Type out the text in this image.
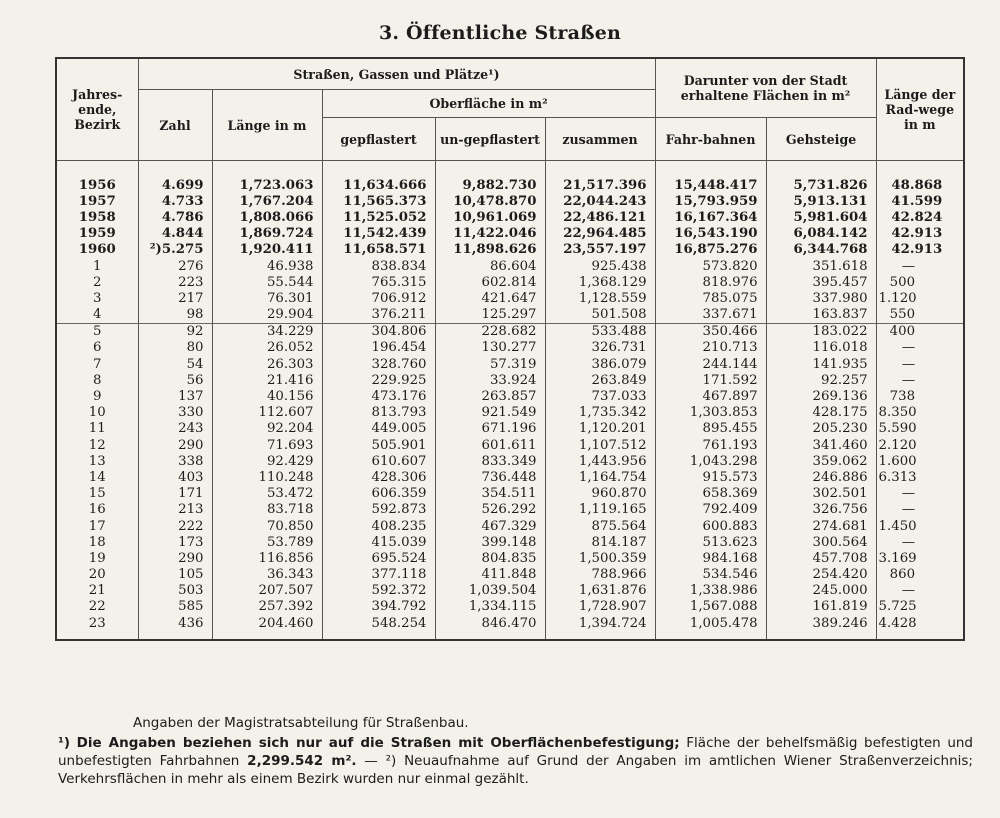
3. Öffentliche Straßen
Jahres-ende, Bezirk	Straßen, Gassen und Plätze¹)					Darunter von der Stadt erhaltene Flächen in m²		Länge der Rad-wege in m
	Zahl	Länge in m	Oberfläche in m²					
			gepflastert	un-gepflastert	zusammen	Fahr-bahnen	Gehsteige	

1956	4.699	1,723.063	11,634.666	9,882.730	21,517.396	15,448.417	5,731.826	48.868
1957	4.733	1,767.204	11,565.373	10,478.870	22,044.243	15,793.959	5,913.131	41.599
1958	4.786	1,808.066	11,525.052	10,961.069	22,486.121	16,167.364	5,981.604	42.824
1959	4.844	1,869.724	11,542.439	11,422.046	22,964.485	16,543.190	6,084.142	42.913
1960	²)5.275	1,920.411	11,658.571	11,898.626	23,557.197	16,875.276	6,344.768	42.913
1	276	46.938	838.834	86.604	925.438	573.820	351.618	—
2	223	55.544	765.315	602.814	1,368.129	818.976	395.457	500
3	217	76.301	706.912	421.647	1,128.559	785.075	337.980	1.120
4	98	29.904	376.211	125.297	501.508	337.671	163.837	550
5	92	34.229	304.806	228.682	533.488	350.466	183.022	400
6	80	26.052	196.454	130.277	326.731	210.713	116.018	—
7	54	26.303	328.760	57.319	386.079	244.144	141.935	—
8	56	21.416	229.925	33.924	263.849	171.592	92.257	—
9	137	40.156	473.176	263.857	737.033	467.897	269.136	738
10	330	112.607	813.793	921.549	1,735.342	1,303.853	428.175	8.350
11	243	92.204	449.005	671.196	1,120.201	895.455	205.230	5.590
12	290	71.693	505.901	601.611	1,107.512	761.193	341.460	2.120
13	338	92.429	610.607	833.349	1,443.956	1,043.298	359.062	1.600
14	403	110.248	428.306	736.448	1,164.754	915.573	246.886	6.313
15	171	53.472	606.359	354.511	960.870	658.369	302.501	—
16	213	83.718	592.873	526.292	1,119.165	792.409	326.756	—
17	222	70.850	408.235	467.329	875.564	600.883	274.681	1.450
18	173	53.789	415.039	399.148	814.187	513.623	300.564	—
19	290	116.856	695.524	804.835	1,500.359	984.168	457.708	3.169
20	105	36.343	377.118	411.848	788.966	534.546	254.420	860
21	503	207.507	592.372	1,039.504	1,631.876	1,338.986	245.000	—
22	585	257.392	394.792	1,334.115	1,728.907	1,567.088	161.819	5.725
23	436	204.460	548.254	846.470	1,394.724	1,005.478	389.246	4.428
Angaben der Magistratsabteilung für Straßenbau.
¹) Die Angaben beziehen sich nur auf die Straßen mit Oberflächenbefestigung; Fläche der behelfsmäßig befestigten und unbefestigten Fahrbahnen 2,299.542 m². — ²) Neuaufnahme auf Grund der Angaben im amtlichen Wiener Straßenverzeichnis; Verkehrsflächen in mehr als einem Bezirk wurden nur einmal gezählt.
